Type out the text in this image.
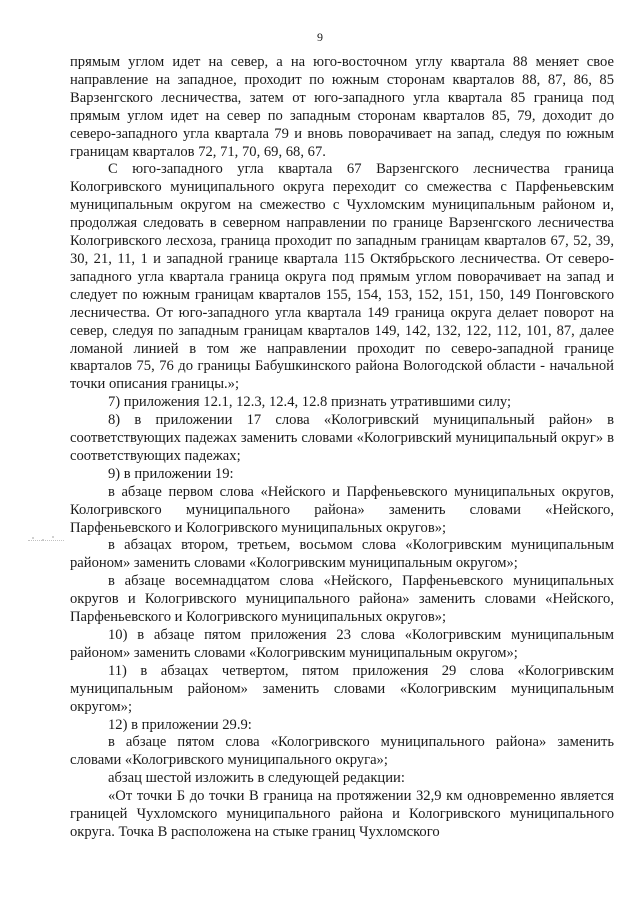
9

прямым углом идет на север, а на юго-восточном углу квартала 88 меняет свое направление на западное, проходит по южным сторонам кварталов 88, 87, 86, 85 Варзенгского лесничества, затем от юго-западного угла квартала 85 граница под прямым углом идет на север по западным сторонам кварталов 85, 79, доходит до северо-западного угла квартала 79 и вновь поворачивает на запад, следуя по южным границам кварталов 72, 71, 70, 69, 68, 67.

С юго-западного угла квартала 67 Варзенгского лесничества граница Кологривского муниципального округа переходит со смежества с Парфеньевским муниципальным округом на смежество с Чухломским муниципальным районом и, продолжая следовать в северном направлении по границе Варзенгского лесничества Кологривского лесхоза, граница проходит по западным границам кварталов 67, 52, 39, 30, 21, 11, 1 и западной границе квартала 115 Октябрьского лесничества. От северо-западного угла квартала граница округа под прямым углом поворачивает на запад и следует по южным границам кварталов 155, 154, 153, 152, 151, 150, 149 Понговского лесничества. От юго-западного угла квартала 149 граница округа делает поворот на север, следуя по западным границам кварталов 149, 142, 132, 122, 112, 101, 87, далее ломаной линией в том же направлении проходит по северо-западной границе кварталов 75, 76 до границы Бабушкинского района Вологодской области - начальной точки описания границы.»;

7) приложения 12.1, 12.3, 12.4, 12.8 признать утратившими силу;

8) в приложении 17 слова «Кологривский муниципальный район» в соответствующих падежах заменить словами «Кологривский муниципальный округ» в соответствующих падежах;

9) в приложении 19:

в абзаце первом слова «Нейского и Парфеньевского муниципальных округов, Кологривского муниципального района» заменить словами «Нейского, Парфеньевского и Кологривского муниципальных округов»;

в абзацах втором, третьем, восьмом слова «Кологривским муниципальным районом» заменить словами «Кологривским муниципальным округом»;

в абзаце восемнадцатом слова «Нейского, Парфеньевского муниципальных округов и Кологривского муниципального района» заменить словами «Нейского, Парфеньевского и Кологривского муниципальных округов»;

10) в абзаце пятом приложения 23 слова «Кологривским муниципальным районом» заменить словами «Кологривским муниципальным округом»;

11) в абзацах четвертом, пятом приложения 29 слова «Кологривским муниципальным районом» заменить словами «Кологривским муниципальным округом»;

12) в приложении 29.9:

в абзаце пятом слова «Кологривского муниципального района» заменить словами «Кологривского муниципального округа»;

абзац шестой изложить в следующей редакции:

«От точки Б до точки В граница на протяжении 32,9 км одновременно является границей Чухломского муниципального района и Кологривского муниципального округа. Точка В расположена на стыке границ Чухломского
